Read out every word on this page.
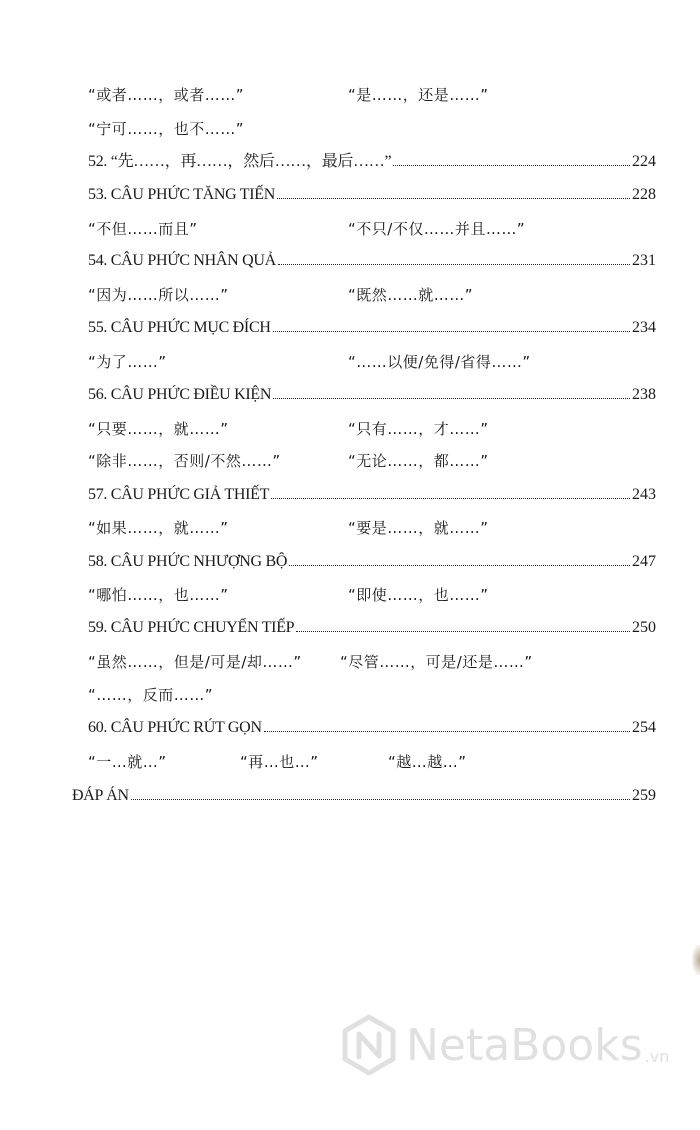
“或者……，或者……”	“是……，还是……”
“宁可……，也不……”
52. “先……，再……，然后……，最后……”	224
53. CÂU PHỨC TĂNG TIẾN	228
“不但……而且”	“不只/不仅……并且……”
54. CÂU PHỨC NHÂN QUẢ	231
“因为……所以……”	“既然……就……”
55. CÂU PHỨC MỤC ĐÍCH	234
“为了……”	“……以便/免得/省得……”
56. CÂU PHỨC ĐIỀU KIỆN	238
“只要……，就……”	“只有……，才……”
“除非……，否则/不然……”	“无论……，都……”
57. CÂU PHỨC GIẢ THIẾT	243
“如果……，就……”	“要是……，就……”
58. CÂU PHỨC NHƯỢNG BỘ	247
“哪怕……，也……”	“即使……，也……”
59. CÂU PHỨC CHUYỂN TIẾP	250
“虽然……，但是/可是/却……”	“尽管……，可是/还是……”
“……，反而……”
60. CÂU PHỨC RÚT GỌN	254
“一…就…”	“再…也…”	“越…越…”
ĐÁP ÁN	259
NetaBooks .vn
